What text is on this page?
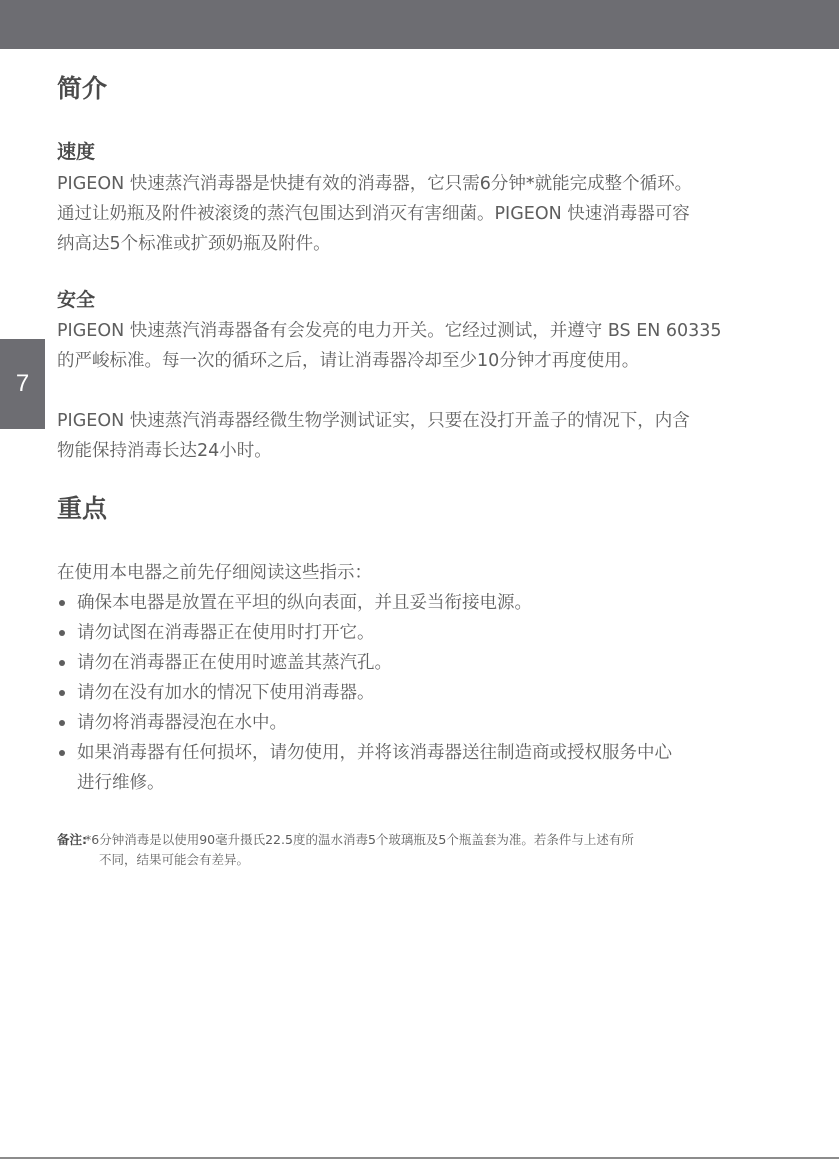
7
简介
速度
PIGEON 快速蒸汽消毒器是快捷有效的消毒器，它只需6分钟*就能完成整个循环。
通过让奶瓶及附件被滚烫的蒸汽包围达到消灭有害细菌。PIGEON 快速消毒器可容
纳高达5个标准或扩颈奶瓶及附件。
安全
PIGEON 快速蒸汽消毒器备有会发亮的电力开关。它经过测试，并遵守 BS EN 60335
的严峻标准。每一次的循环之后，请让消毒器冷却至少10分钟才再度使用。
PIGEON 快速蒸汽消毒器经微生物学测试证实，只要在没打开盖子的情况下，内含
物能保持消毒长达24小时。
重点
在使用本电器之前先仔细阅读这些指示：
确保本电器是放置在平坦的纵向表面，并且妥当衔接电源。
请勿试图在消毒器正在使用时打开它。
请勿在消毒器正在使用时遮盖其蒸汽孔。
请勿在没有加水的情况下使用消毒器。
请勿将消毒器浸泡在水中。
如果消毒器有任何损坏，请勿使用，并将该消毒器送往制造商或授权服务中心
进行维修。
备注:
*6分钟消毒是以使用90毫升摄氏22.5度的温水消毒5个玻璃瓶及5个瓶盖套为准。若条件与上述有所
不同，结果可能会有差异。
